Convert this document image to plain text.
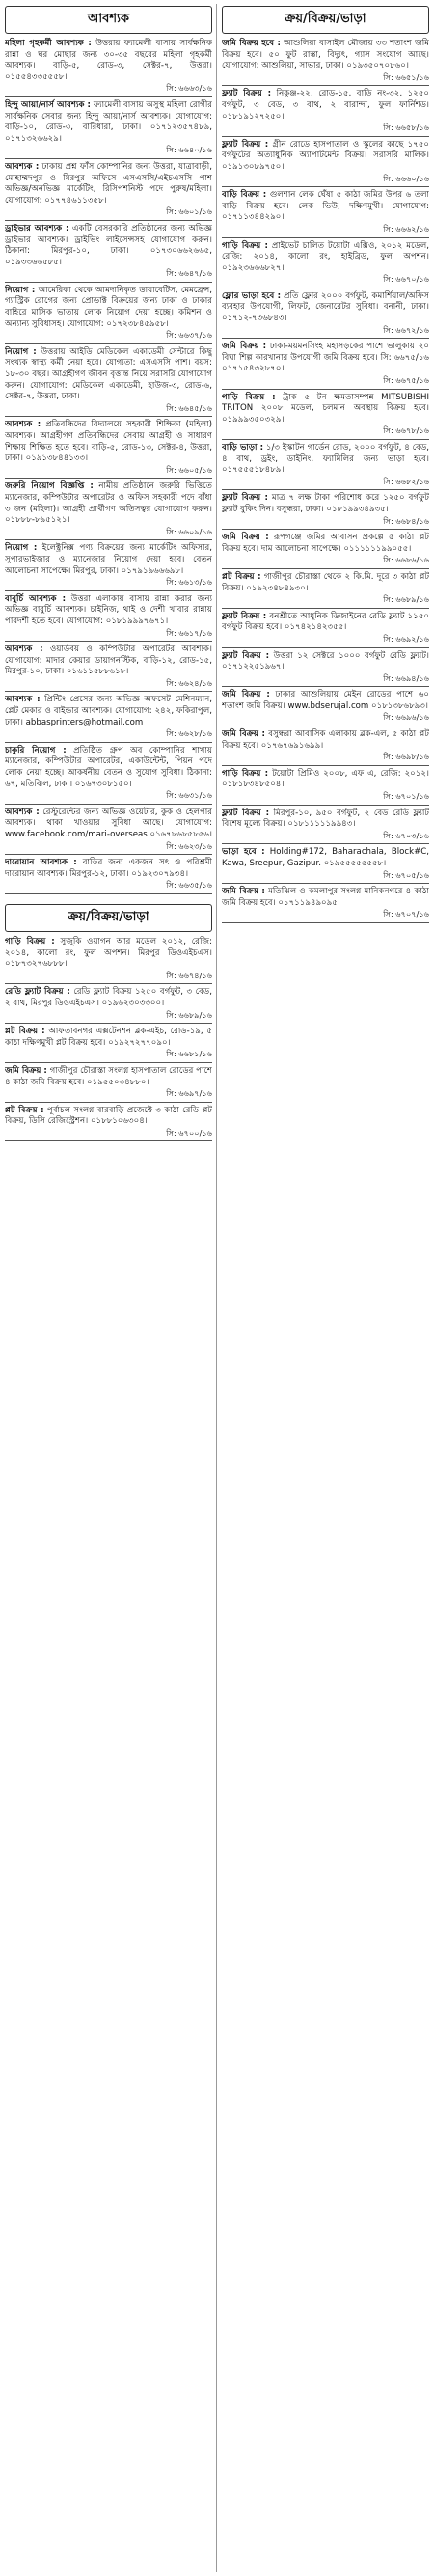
আবশ্যক
মহিলা গৃহকর্মী আবশ্যক : উত্তরায় ফ্যামেলী বাসায় সার্বক্ষনিক রান্না ও ঘর মোছার জন্য ৩০-৩৫ বছরের মহিলা গৃহকর্মী আবশ্যক। বাড়ি-৫, রোড-৩, সেক্টর-৭, উত্তরা। ০১৫৫৪৩৩৫৫৫৮।
সি: ৬৬৬৩/১৬
হিন্দু আয়া/নার্স আবশ্যক : ফ্যামেলী বাসায় অসুস্থ মহিলা রোগীর সার্বক্ষনিক সেবার জন্য হিন্দু আয়া/নার্স আবশ্যক। যোগাযোগ: বাড়ি-১০, রোড-৩, বারিধারা, ঢাকা। ০১৭১২৩৫৭৪৮৯, ০১৭১৩২৬৬২৯।
সি: ৬৬৪০/১৬
আবশ্যক : ঢাকায় প্রশ্ন ফাঁস কোম্পানির জন্য উত্তরা, যাত্রাবাড়ী, মোহাম্মদপুর ও মিরপুর অফিসে এসএসসি/এইচএসসি পাশ অভিজ্ঞ/অনভিজ্ঞ মার্কেটিং, রিসিপশনিস্ট পদে পুরুষ/মহিলা। যোগাযোগ: ০১৭৭৪৬১১৩৫৮।
সি: ৬৬০১/১৬
ড্রাইভার আবশ্যক : একটি বেসরকারি প্রতিষ্ঠানের জন্য অভিজ্ঞ ড্রাইভার আবশ্যক। ড্রাইভিং লাইসেন্সসহ যোগাযোগ করুন। ঠিকানা: মিরপুর-১০, ঢাকা। ০১৭৩০৬৬২৬৬৫, ০১৯৩৩৬৬৫৮৫।
সি: ৬৬৪৭/১৬
নিয়োগ : আমেরিকা থেকে আমদানিকৃত ডায়াবেটিস, মেমব্রেন্স, গ্যাস্ট্রিক রোগের জন্য প্রোডাক্ট বিক্রয়ের জন্য ঢাকা ও ঢাকার বাহিরে মাসিক ভাতায় লোক নিয়োগ দেয়া হচ্ছে। কমিশন ও অন্যান্য সুবিধাসহ। যোগাযোগ: ০১৭২৩৮৪৫৯৫৮।
সি: ৬৬৩৭/১৬
নিয়োগ : উত্তরায় আইডি মেডিকেল একাডেমী সেন্টারে কিছু সংখ্যক স্বাস্থ্য কর্মী নেয়া হবে। যোগ্যতা: এসএসসি পাশ। বয়স: ১৮-৩০ বছর। আগ্রহীগণ জীবন বৃত্তান্ত নিয়ে সরাসরি যোগাযোগ করুন। যোগাযোগ: মেডিকেল একাডেমী, হাউজ-৩, রোড-৬, সেক্টর-৭, উত্তরা, ঢাকা।
সি: ৬৬৪৫/১৬
আবশ্যক : প্রতিবন্ধিদের বিদ্যালয়ে সহকারী শিক্ষিকা (মহিলা) আবশ্যক। আগ্রহীগণ প্রতিবন্ধিদের সেবায় আগ্রহী ও সাধারণ শিক্ষায় শিক্ষিত হতে হবে। বাড়ি-৫, রোড-১৩, সেক্টর-৪, উত্তরা, ঢাকা। ০১৯১৩৮৪৪১৩৩।
সি: ৬৬০৫/১৬
জরুরি নিয়োগ বিজ্ঞপ্তি : নামীয় প্রতিষ্ঠানে জরুরি ভিত্তিতে ম্যানেজার, কম্পিউটার অপারেটর ও অফিস সহকারী পদে বাঁধা ৩ জন (মহিলা)। আগ্রহী প্রার্থীগণ অতিসত্বর যোগাযোগ করুন। ০১৮৮৮-৮৯৫১২১।
সি: ৬৬০৯/১৬
নিয়োগ : ইলেক্ট্রনিক্স পণ্য বিক্রয়ের জন্য মার্কেটিং অফিসার, সুপারভাইজার ও ম্যানেজার নিয়োগ দেয়া হবে। বেতন আলোচনা সাপেক্ষে। মিরপুর, ঢাকা। ০১৭৯১৯৬৬৬৯৮।
সি: ৬৬১৩/১৬
বাবুর্চি আবশ্যক : উত্তরা এলাকায় বাসায় রান্না করার জন্য অভিজ্ঞ বাবুর্চি আবশ্যক। চাইনিজ, থাই ও দেশী খাবার রান্নায় পারদর্শী হতে হবে। যোগাযোগ: ০১৮১৯৯৯৭৬৭১।
সি: ৬৬১৭/১৬
আবশ্যক : ওয়ার্ডবয় ও কম্পিউটার অপারেটর আবশ্যক। যোগাযোগ: মাদার কেয়ার ডায়াগনস্টিক, বাড়ি-১২, রোড-১৫, মিরপুর-১০, ঢাকা। ০১৬১১৫৮৮৬১৮।
সি: ৬৬২৪/১৬
আবশ্যক : প্রিন্টিং প্রেসের জন্য অভিজ্ঞ অফসেট মেশিনম্যান, প্লেট মেকার ও বাইন্ডার আবশ্যক। যোগাযোগ: ২৪২, ফকিরাপুল, ঢাকা। abbasprinters@hotmail.com
সি: ৬৬২৮/১৬
চাকুরি নিয়োগ : প্রতিষ্ঠিত গ্রুপ অব কোম্পানির শাখায় ম্যানেজার, কম্পিউটার অপারেটর, একাউন্টেন্ট, পিয়ন পদে লোক নেয়া হচ্ছে। আকর্ষনীয় বেতন ও সুযোগ সুবিধা। ঠিকানা: ৬৭, মতিঝিল, ঢাকা। ০১৬৭৩০৮১৫০।
সি: ৬৬৩১/১৬
আবশ্যক : রেস্টুরেন্টের জন্য অভিজ্ঞ ওয়েটার, কুক ও হেলপার আবশ্যক। থাকা খাওয়ার সুবিধা আছে। যোগাযোগ: www.facebook.com/mari-overseas ০১৬৭৮৬৮৫৮৫৬।
সি: ৬৬২৩/১৬
দারোয়ান আবশ্যক : বাড়ির জন্য একজন সৎ ও পরিশ্রমী দারোয়ান আবশ্যক। মিরপুর-১২, ঢাকা। ০১৯২৩০৭৯৩৪।
সি: ৬৬৩৫/১৬
ক্রয়/বিক্রয়/ভাড়া
গাড়ি বিক্রয় : সুজুকি ওয়াগন আর মডেল ২০১২, রেজি: ২০১৪, কালো রং, ফুল অপশন। মিরপুর ডিওএইচএস। ০১৮৭৩২৭৬৮৮৮।
সি: ৬৬৭৪/১৬
রেডি ফ্ল্যাট বিক্রয় : রেডি ফ্ল্যাট বিক্রয় ১২৫০ বর্গফুট, ৩ বেড, ২ বাথ, মিরপুর ডিওএইচএস। ০১৯৬২৩০৩৩০০।
সি: ৬৬৮৯/১৬
প্লট বিক্রয় : আফতাবনগর এক্সটেনশন ব্লক-এইচ, রোড-১৯, ৫ কাঠা দক্ষিণমুখী প্লট বিক্রয় হবে। ০১৯২৭২৭৭০৯০।
সি: ৬৬৮১/১৬
জমি বিক্রয় : গাজীপুর চৌরাস্তা সংলগ্ন হাসপাতাল রোডের পাশে ৪ কাঠা জমি বিক্রয় হবে। ০১৯৫৫০৩৪৮৮০।
সি: ৬৬৯৭/১৬
প্লট বিক্রয় : পূর্বাচল সংলগ্ন বারবাড়ি প্রজেক্টে ৩ কাঠা রেডি প্লট বিক্রয়, ডিসি রেজিস্ট্রেশন। ০১৮৮১০৬৩০৪।
সি: ৬৭০০/১৬
ক্রয়/বিক্রয়/ভাড়া
জমি বিক্রয় হবে : আশুলিয়া বাসাইল মৌজায় ৩৩ শতাংশ জমি বিক্রয় হবে। ৫০ ফুট রাস্তা, বিদ্যুৎ, গ্যাস সংযোগ আছে। যোগাযোগ: আশুলিয়া, সাভার, ঢাকা। ০১৯৩৫০৭০৮৬০।
সি: ৬৬৫১/১৬
ফ্ল্যাট বিক্রয় : নিকুঞ্জ-২২, রোড-১৫, বাড়ি নং-৩২, ১২৫০ বর্গফুট, ৩ বেড, ৩ বাথ, ২ বারান্দা, ফুল ফার্নিশড। ০১৮১৯১২৭২৫০।
সি: ৬৬৫৮/১৬
ফ্ল্যাট বিক্রয় : গ্রীন রোডে হাসপাতাল ও স্কুলের কাছে ১৭৫০ বর্গফুটের অত্যাধুনিক অ্যাপার্টমেন্ট বিক্রয়। সরাসরি মালিক। ০১৯১৩০৮৯৭৫০।
সি: ৬৬৬০/১৬
বাড়ি বিক্রয় : গুলশান লেক ঘেঁষা ৫ কাঠা জমির উপর ৬ তলা বাড়ি বিক্রয় হবে। লেক ভিউ, দক্ষিণমুখী। যোগাযোগ: ০১৭১১৩৪৪২৯০।
সি: ৬৬৬২/১৬
গাড়ি বিক্রয় : প্রাইভেট চালিত টয়োটা এক্সিও, ২০১২ মডেল, রেজি: ২০১৪, কালো রং, হাইব্রিড, ফুল অপশন। ০১৯২৩৬৬৬৮২৭।
সি: ৬৬৭০/১৬
ফ্লোর ভাড়া হবে : প্রতি ফ্লোর ২০০০ বর্গফুট, কমার্শিয়াল/অফিস ব্যবহার উপযোগী, লিফট, জেনারেটর সুবিধা। বনানী, ঢাকা। ০১৭১২-৭৩৬৮৪৩।
সি: ৬৬৭২/১৬
জমি বিক্রয় : ঢাকা-ময়মনসিংহ মহাসড়কের পাশে ভালুকায় ২০ বিঘা শিল্প কারখানার উপযোগী জমি বিক্রয় হবে। সি: ৬৬৭৫/১৬ ০১৭১৫৪৩২৮৭০।
সি: ৬৬৭৫/১৬
গাড়ি বিক্রয় : ট্রাক ৫ টন ক্ষমতাসম্পন্ন MITSUBISHI TRITON ২০০৮ মডেল, চলমান অবস্থায় বিক্রয় হবে। ০১৯৯৯৩৫০৩২৯।
সি: ৬৬৭৮/১৬
বাড়ি ভাড়া : ১/৩ ইস্কাটন গার্ডেন রোড, ২০০০ বর্গফুট, ৪ বেড, ৪ বাথ, ড্রইং, ডাইনিং, ফ্যামিলির জন্য ভাড়া হবে। ০১৭৫৫৫১৮৪৮৯।
সি: ৬৬৮২/১৬
ফ্ল্যাট বিক্রয় : মাত্র ৭ লক্ষ টাকা পরিশোধ করে ১২৫০ বর্গফুট ফ্ল্যাট বুকিং দিন। বসুন্ধরা, ঢাকা। ০১৮১৯৯৩৪৯৩৫।
সি: ৬৬৮৪/১৬
জমি বিক্রয় : রূপগঞ্জে জমির আবাসন প্রকল্পে ৫ কাঠা প্লট বিক্রয় হবে। দাম আলোচনা সাপেক্ষে। ০১১১১১১৯৯০৫৫।
সি: ৬৬৮৬/১৬
প্লট বিক্রয় : গাজীপুর চৌরাস্তা থেকে ২ কি.মি. দূরে ৩ কাঠা প্লট বিক্রয়। ০১৯২৩৪৮৪৯৩০।
সি: ৬৬৮৯/১৬
ফ্ল্যাট বিক্রয় : বনশ্রীতে আধুনিক ডিজাইনের রেডি ফ্ল্যাট ১১৫০ বর্গফুট বিক্রয় হবে। ০১৭৪২১৪২৩৫৫।
সি: ৬৬৯২/১৬
ফ্ল্যাট বিক্রয় : উত্তরা ১২ সেক্টরে ১০০০ বর্গফুট রেডি ফ্ল্যাট। ০১৭১২২৫১৯৬৭।
সি: ৬৬৯৪/১৬
জমি বিক্রয় : ঢাকার আশুলিয়ায় মেইন রোডের পাশে ৬০ শতাংশ জমি বিক্রয়। www.bdserujal.com ০১৮১৩৮৬৮৯৩।
সি: ৬৬৯৬/১৬
জমি বিক্রয় : বসুন্ধরা আবাসিক এলাকায় ব্লক-এল, ৫ কাঠা প্লট বিক্রয় হবে। ০১৭৬৭৬৯১৬৯৯।
সি: ৬৬৯৮/১৬
গাড়ি বিক্রয় : টয়োটা প্রিমিও ২০০৮, এফ এ, রেজি: ২০১২। ০১৮১৮৩৪৮৫০৪।
সি: ৬৭০১/১৬
ফ্ল্যাট বিক্রয় : মিরপুর-১০, ৯৫০ বর্গফুট, ২ বেড রেডি ফ্ল্যাট বিশেষ মূল্যে বিক্রয়। ০১৮১১১১১৯৯৪৩।
সি: ৬৭০৩/১৬
ভাড়া হবে : Holding#172, Baharachala, Block#C, Kawa, Sreepur, Gazipur. ০১৯৫৫৫৫৫৫৫৮।
সি: ৬৭০৫/১৬
জমি বিক্রয় : মতিঝিল ও কমলাপুর সংলগ্ন মানিকনগরে ৪ কাঠা জমি বিক্রয় হবে। ০১৭১১৯৪৯০৯৫।
সি: ৬৭০৭/১৬
